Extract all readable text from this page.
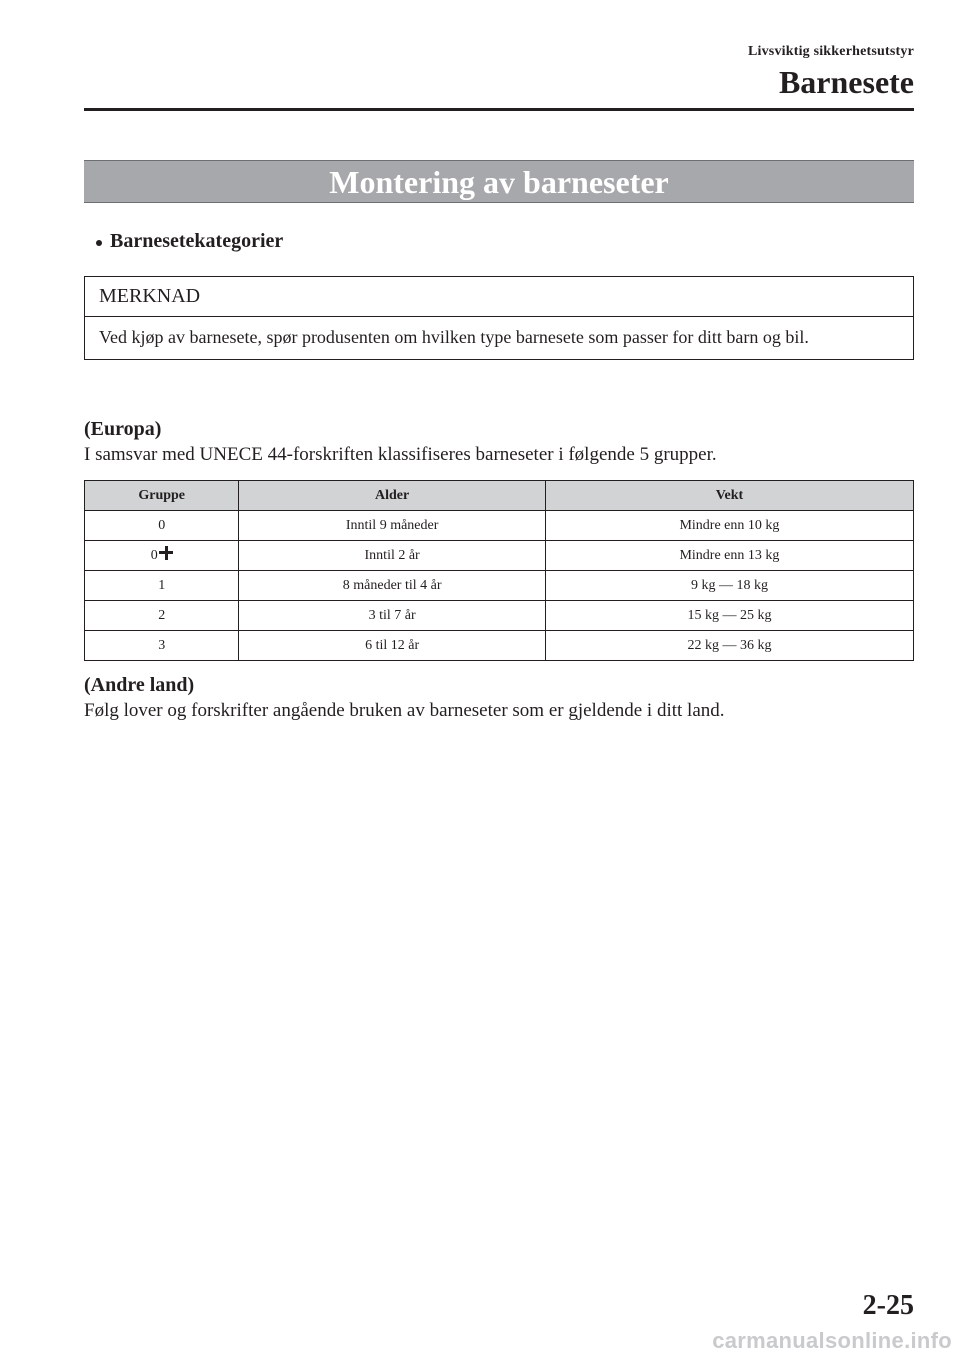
Livsviktig sikkerhetsutstyr
Barnesete
Montering av barneseter
Barnesetekategorier
MERKNAD
Ved kjøp av barnesete, spør produsenten om hvilken type barnesete som passer for ditt barn og bil.
(Europa)
I samsvar med UNECE 44-forskriften klassifiseres barneseter i følgende 5 grupper.
Gruppe	Alder	Vekt
0	Inntil 9 måneder	Mindre enn 10 kg
0	Inntil 2 år	Mindre enn 13 kg
1	8 måneder til 4 år	9 kg ― 18 kg
2	3 til 7 år	15 kg ― 25 kg
3	6 til 12 år	22 kg ― 36 kg
(Andre land)
Følg lover og forskrifter angående bruken av barneseter som er gjeldende i ditt land.
2-25
carmanualsonline.info
